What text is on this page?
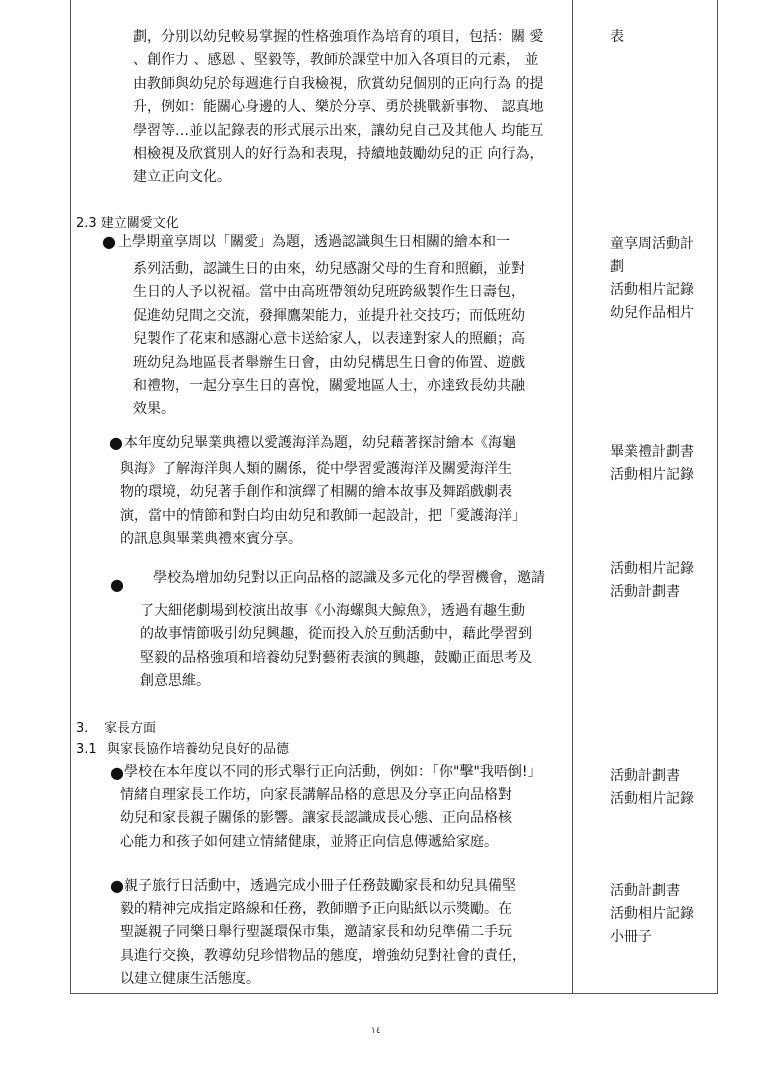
劃，分別以幼兒較易掌握的性格強項作為培育的項目，包括：關 愛
、創作力 、感恩 、堅毅等，教師於課堂中加入各項目的元素， 並
由教師與幼兒於每週進行自我檢視，欣賞幼兒個別的正向行為 的提
升，例如：能關心身邊的人、樂於分享、勇於挑戰新事物、 認真地
學習等…並以記錄表的形式展示出來，讓幼兒自己及其他人 均能互
相檢視及欣賞別人的好行為和表現，持續地鼓勵幼兒的正 向行為，
建立正向文化。
表
2.3 建立關愛文化
● 上學期童享周以「關愛」為題，透過認識與生日相關的繪本和一
系列活動，認識生日的由來，幼兒感謝父母的生育和照顧，並對
生日的人予以祝福。當中由高班帶領幼兒班跨級製作生日壽包，
促進幼兒間之交流，發揮鷹架能力，並提升社交技巧；而低班幼
兒製作了花束和感謝心意卡送給家人，以表達對家人的照顧；高
班幼兒為地區長者舉辦生日會，由幼兒構思生日會的佈置、遊戲
和禮物，一起分享生日的喜悅，關愛地區人士，亦達致長幼共融
效果。
童享周活動計
劃
活動相片記錄
幼兒作品相片
● 本年度幼兒畢業典禮以愛護海洋為題，幼兒藉著探討繪本《海龜
與海》了解海洋與人類的關係，從中學習愛護海洋及關愛海洋生
物的環境，幼兒著手創作和演繹了相關的繪本故事及舞蹈戲劇表
演，當中的情節和對白均由幼兒和教師一起設計，把「愛護海洋」
的訊息與畢業典禮來賓分享。
畢業禮計劃書
活動相片記錄
● 學校為增加幼兒對以正向品格的認識及多元化的學習機會，邀請
了大細佬劇場到校演出故事《小海螺與大鯨魚》，透過有趣生動
的故事情節吸引幼兒興趣，從而投入於互動活動中，藉此學習到
堅毅的品格強項和培養幼兒對藝術表演的興趣，鼓勵正面思考及
創意思維。
活動相片記錄
活動計劃書
3. 家長方面
3.1 與家長協作培養幼兒良好的品德
● 學校在本年度以不同的形式舉行正向活動，例如：「你"擊"我唔倒!」
情緒自理家長工作坊，向家長講解品格的意思及分享正向品格對
幼兒和家長親子關係的影響。讓家長認識成長心態、正向品格核
心能力和孩子如何建立情緒健康，並將正向信息傳遞給家庭。
活動計劃書
活動相片記錄
● 親子旅行日活動中，透過完成小冊子任務鼓勵家長和幼兒具備堅
毅的精神完成指定路線和任務，教師贈予正向貼紙以示獎勵。在
聖誕親子同樂日舉行聖誕環保市集，邀請家長和幼兒準備二手玩
具進行交換，教導幼兒珍惜物品的態度，增強幼兒對社會的責任，
以建立健康生活態度。
活動計劃書
活動相片記錄
小冊子
١٤
